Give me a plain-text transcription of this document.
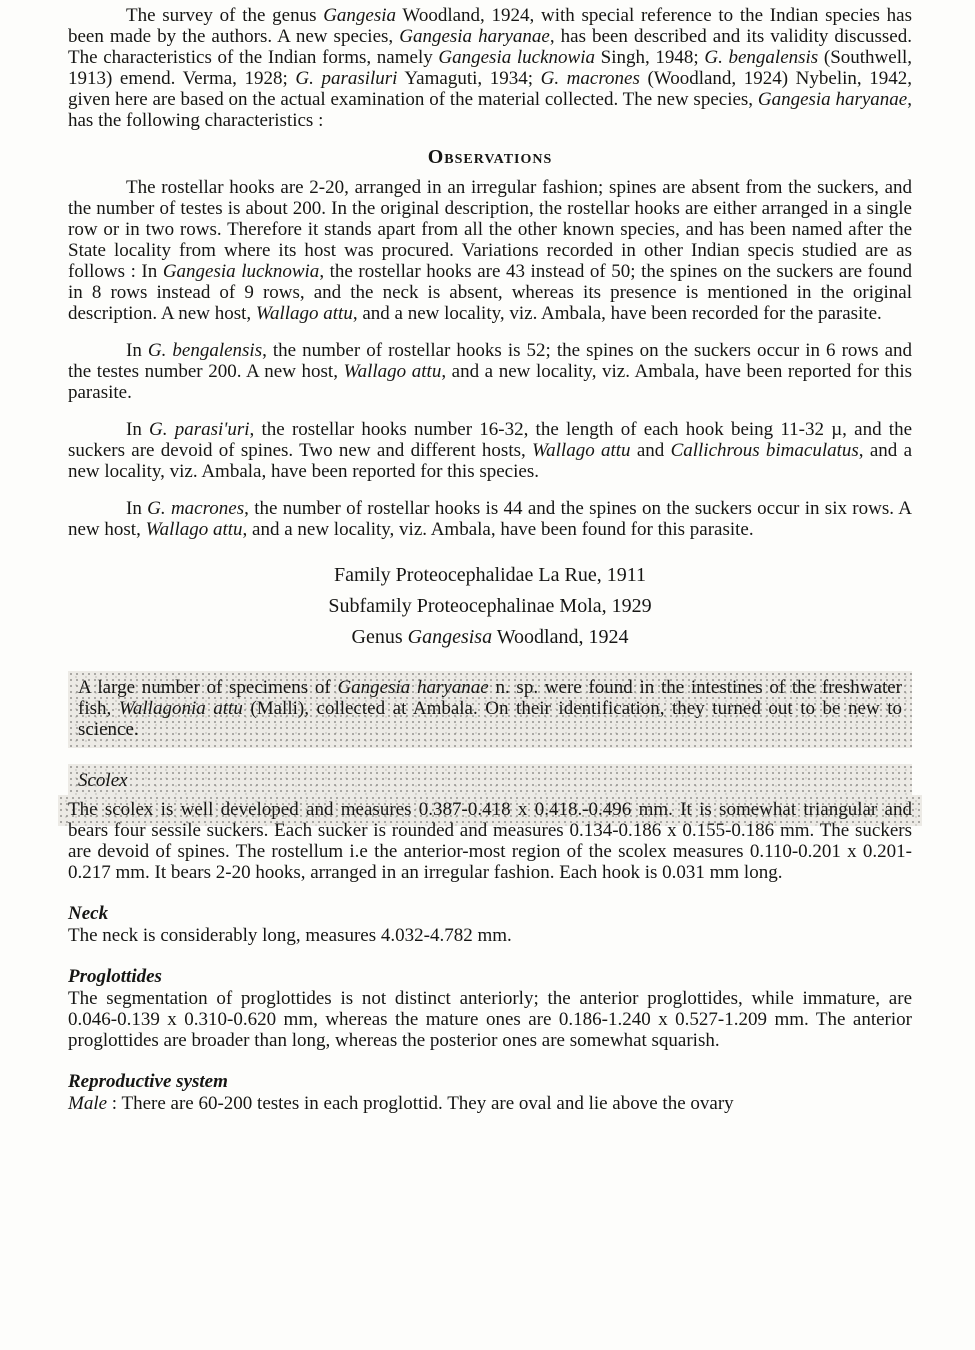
The survey of the genus Gangesia Woodland, 1924, with special reference to the Indian species has been made by the authors. A new species, Gangesia haryanae, has been described and its validity discussed. The characteristics of the Indian forms, namely Gangesia lucknowia Singh, 1948; G. bengalensis (Southwell, 1913) emend. Verma, 1928; G. parasiluri Yamaguti, 1934; G. macrones (Woodland, 1924) Nybelin, 1942, given here are based on the actual examination of the material collected. The new species, Gangesia haryanae, has the following characteristics :

Observations

The rostellar hooks are 2-20, arranged in an irregular fashion; spines are absent from the suckers, and the number of testes is about 200. In the original description, the rostellar hooks are either arranged in a single row or in two rows. Therefore it stands apart from all the other known species, and has been named after the State locality from where its host was procured. Variations recorded in other Indian specis studied are as follows : In Gangesia lucknowia, the rostellar hooks are 43 instead of 50; the spines on the suckers are found in 8 rows instead of 9 rows, and the neck is absent, whereas its presence is mentioned in the original description. A new host, Wallago attu, and a new locality, viz. Ambala, have been recorded for the parasite.

In G. bengalensis, the number of rostellar hooks is 52; the spines on the suckers occur in 6 rows and the testes number 200. A new host, Wallago attu, and a new locality, viz. Ambala, have been reported for this parasite.

In G. parasi'uri, the rostellar hooks number 16-32, the length of each hook being 11-32 µ, and the suckers are devoid of spines. Two new and different hosts, Wallago attu and Callichrous bimaculatus, and a new locality, viz. Ambala, have been reported for this species.

In G. macrones, the number of rostellar hooks is 44 and the spines on the suckers occur in six rows. A new host, Wallago attu, and a new locality, viz. Ambala, have been found for this parasite.

Family Proteocephalidae La Rue, 1911
Subfamily Proteocephalinae Mola, 1929
Genus Gangesisa Woodland, 1924

A large number of specimens of Gangesia haryanae n. sp. were found in the intestines of the freshwater fish, Wallagonia attu (Malli), collected at Ambala. On their identification, they turned out to be new to science.

Scolex

The scolex is well developed and measures 0.387-0.418 x 0.418.-0.496 mm. It is somewhat triangular and bears four sessile suckers. Each sucker is rounded and measures 0.134-0.186 x 0.155-0.186 mm. The suckers are devoid of spines. The rostellum i.e the anterior-most region of the scolex measures 0.110-0.201 x 0.201-0.217 mm. It bears 2-20 hooks, arranged in an irregular fashion. Each hook is 0.031 mm long.

Neck

The neck is considerably long, measures 4.032-4.782 mm.

Proglottides

The segmentation of proglottides is not distinct anteriorly; the anterior proglottides, while immature, are 0.046-0.139 x 0.310-0.620 mm, whereas the mature ones are 0.186-1.240 x 0.527-1.209 mm. The anterior proglottides are broader than long, whereas the posterior ones are somewhat squarish.

Reproductive system

Male : There are 60-200 testes in each proglottid. They are oval and lie above the ovary
